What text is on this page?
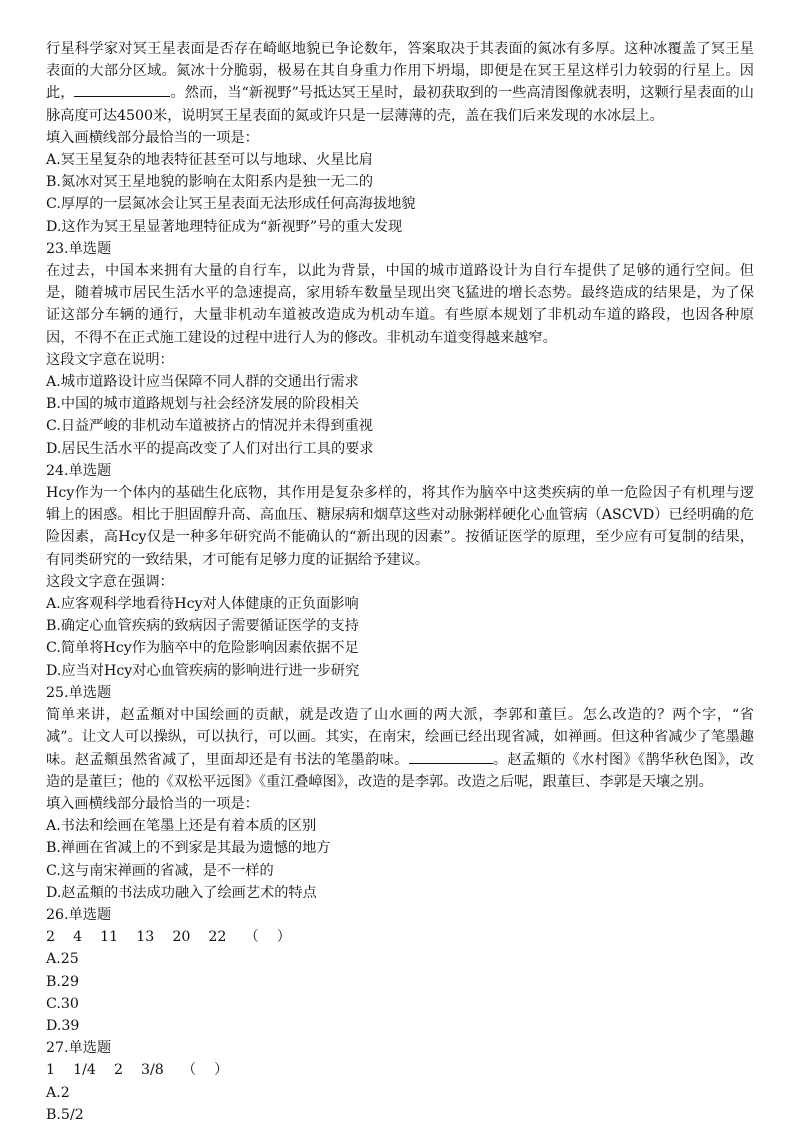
行星科学家对冥王星表面是否存在崎岖地貌已争论数年，答案取决于其表面的氮冰有多厚。这种冰覆盖了冥王星表面的大部分区域。氮冰十分脆弱，极易在其自身重力作用下坍塌，即便是在冥王星这样引力较弱的行星上。因此，	。然而，当“新视野”号抵达冥王星时，最初获取到的一些高清图像就表明，这颗行星表面的山脉高度可达4500米，说明冥王星表面的氮或许只是一层薄薄的壳，盖在我们后来发现的水冰层上。

填入画横线部分最恰当的一项是：

A.冥王星复杂的地表特征甚至可以与地球、火星比肩

B.氮冰对冥王星地貌的影响在太阳系内是独一无二的

C.厚厚的一层氮冰会让冥王星表面无法形成任何高海拔地貌

D.这作为冥王星显著地理特征成为“新视野”号的重大发现

23.单选题

在过去，中国本来拥有大量的自行车，以此为背景，中国的城市道路设计为自行车提供了足够的通行空间。但是，随着城市居民生活水平的急速提高，家用轿车数量呈现出突飞猛进的增长态势。最终造成的结果是，为了保证这部分车辆的通行，大量非机动车道被改造成为机动车道。有些原本规划了非机动车道的路段，也因各种原因，不得不在正式施工建设的过程中进行人为的修改。非机动车道变得越来越窄。

这段文字意在说明：

A.城市道路设计应当保障不同人群的交通出行需求

B.中国的城市道路规划与社会经济发展的阶段相关

C.日益严峻的非机动车道被挤占的情况并未得到重视

D.居民生活水平的提高改变了人们对出行工具的要求

24.单选题

Hcy作为一个体内的基础生化底物，其作用是复杂多样的，将其作为脑卒中这类疾病的单一危险因子有机理与逻辑上的困惑。相比于胆固醇升高、高血压、糖尿病和烟草这些对动脉粥样硬化心血管病（ASCVD）已经明确的危险因素，高Hcy仅是一种多年研究尚不能确认的“新出现的因素”。按循证医学的原理，至少应有可复制的结果，有同类研究的一致结果，才可能有足够力度的证据给予建议。

这段文字意在强调：

A.应客观科学地看待Hcy对人体健康的正负面影响

B.确定心血管疾病的致病因子需要循证医学的支持

C.简单将Hcy作为脑卒中的危险影响因素依据不足

D.应当对Hcy对心血管疾病的影响进行进一步研究

25.单选题

简单来讲，赵孟頫对中国绘画的贡献，就是改造了山水画的两大派，李郭和董巨。怎么改造的？两个字，“省减”。让文人可以操纵，可以执行，可以画。其实，在南宋，绘画已经出现省减，如禅画。但这种省减少了笔墨趣味。赵孟頫虽然省减了，里面却还是有书法的笔墨韵味。	。赵孟頫的《水村图》《鹊华秋色图》，改造的是董巨；他的《双松平远图》《重江叠嶂图》，改造的是李郭。改造之后呢，跟董巨、李郭是天壤之别。

填入画横线部分最恰当的一项是：

A.书法和绘画在笔墨上还是有着本质的区别

B.禅画在省减上的不到家是其最为遗憾的地方

C.这与南宋禅画的省减，是不一样的

D.赵孟頫的书法成功融入了绘画艺术的特点

26.单选题

2    4    11    13    20    22    （    ）

A.25

B.29

C.30

D.39

27.单选题

1    1/4    2    3/8    （    ）

A.2

B.5/2
